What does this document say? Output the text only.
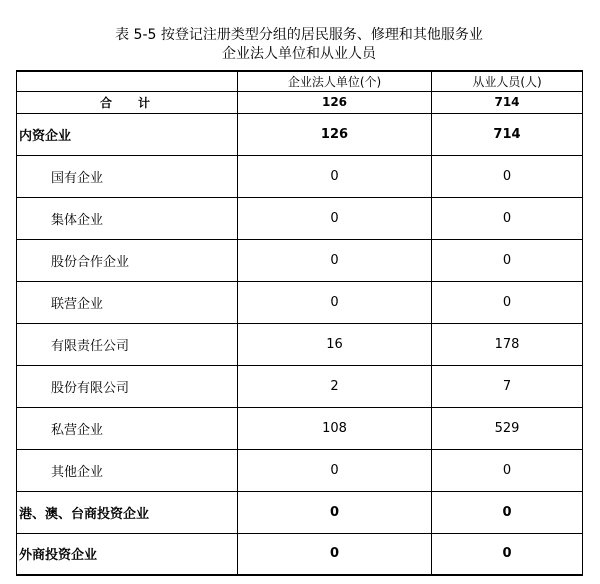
表 5-5 按登记注册类型分组的居民服务、修理和其他服务业
企业法人单位和从业人员
	企业法人单位(个)	从业人员(人)
合计	126	714
内资企业	126	714
国有企业	0	0
集体企业	0	0
股份合作企业	0	0
联营企业	0	0
有限责任公司	16	178
股份有限公司	2	7
私营企业	108	529
其他企业	0	0
港、澳、台商投资企业	0	0
外商投资企业	0	0
